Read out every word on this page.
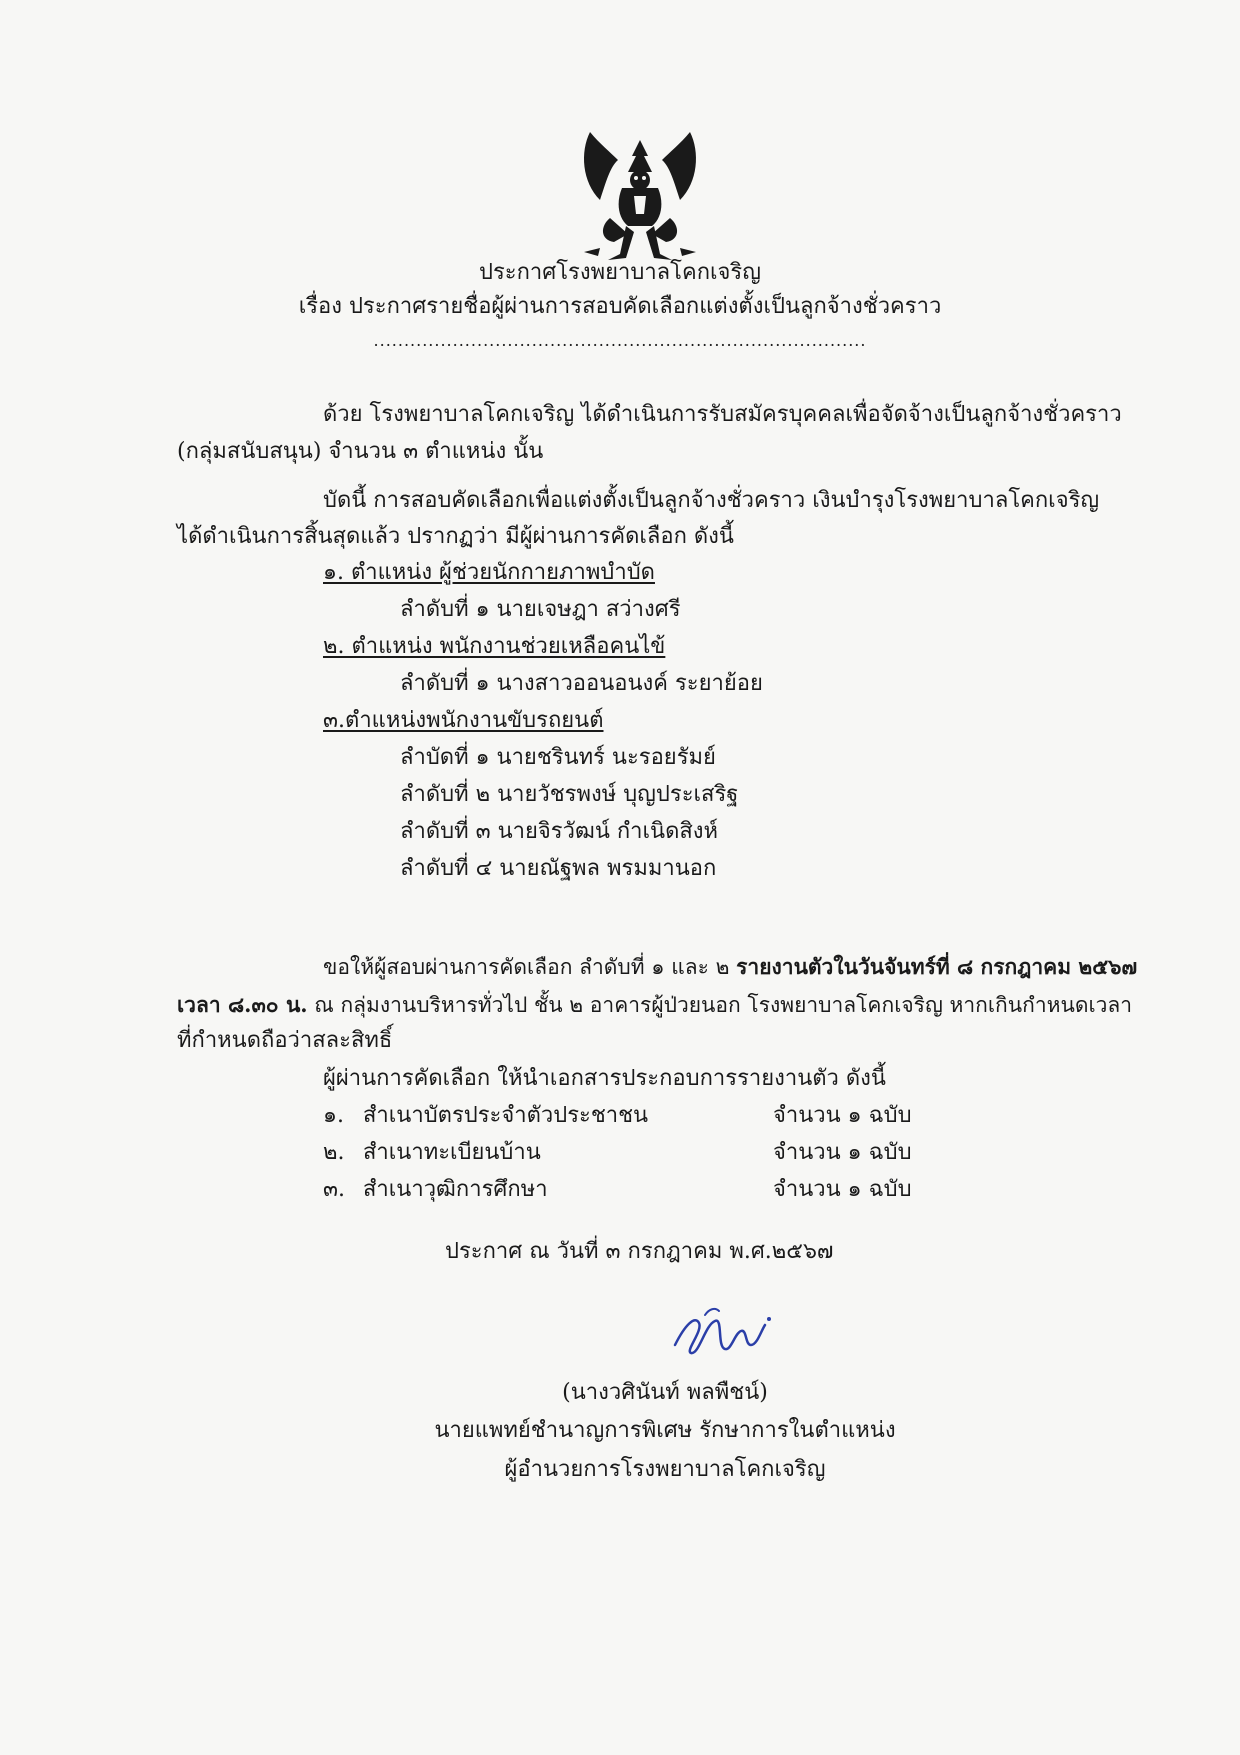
ประกาศโรงพยาบาลโคกเจริญ
เรื่อง ประกาศรายชื่อผู้ผ่านการสอบคัดเลือกแต่งตั้งเป็นลูกจ้างชั่วคราว
.................................................................................
ด้วย โรงพยาบาลโคกเจริญ ได้ดำเนินการรับสมัครบุคคลเพื่อจัดจ้างเป็นลูกจ้างชั่วคราว
(กลุ่มสนับสนุน) จำนวน ๓ ตำแหน่ง นั้น
บัดนี้ การสอบคัดเลือกเพื่อแต่งตั้งเป็นลูกจ้างชั่วคราว เงินบำรุงโรงพยาบาลโคกเจริญ
ได้ดำเนินการสิ้นสุดแล้ว ปรากฏว่า มีผู้ผ่านการคัดเลือก ดังนี้
๑. ตำแหน่ง ผู้ช่วยนักกายภาพบำบัด
ลำดับที่ ๑ นายเจษฎา สว่างศรี
๒. ตำแหน่ง พนักงานช่วยเหลือคนไข้
ลำดับที่ ๑ นางสาวออนอนงค์ ระยาย้อย
๓.ตำแหน่งพนักงานขับรถยนต์
ลำบัดที่ ๑ นายชรินทร์ นะรอยรัมย์
ลำดับที่ ๒ นายวัชรพงษ์ บุญประเสริฐ
ลำดับที่ ๓ นายจิรวัฒน์ กำเนิดสิงห์
ลำดับที่ ๔ นายณัฐพล พรมมานอก
ขอให้ผู้สอบผ่านการคัดเลือก ลำดับที่ ๑ และ ๒ รายงานตัวในวันจันทร์ที่ ๘ กรกฎาคม ๒๕๖๗
เวลา ๘.๓๐ น. ณ กลุ่มงานบริหารทั่วไป ชั้น ๒ อาคารผู้ป่วยนอก โรงพยาบาลโคกเจริญ หากเกินกำหนดเวลา
ที่กำหนดถือว่าสละสิทธิ์
ผู้ผ่านการคัดเลือก ให้นำเอกสารประกอบการรายงานตัว ดังนี้
๑. สำเนาบัตรประจำตัวประชาชน	จำนวน ๑ ฉบับ
๒. สำเนาทะเบียนบ้าน	จำนวน ๑ ฉบับ
๓. สำเนาวุฒิการศึกษา	จำนวน ๑ ฉบับ
ประกาศ ณ วันที่ ๓ กรกฎาคม พ.ศ.๒๕๖๗
(นางวศินันท์ พลพืชน์)
นายแพทย์ชำนาญการพิเศษ รักษาการในตำแหน่ง
ผู้อำนวยการโรงพยาบาลโคกเจริญ
